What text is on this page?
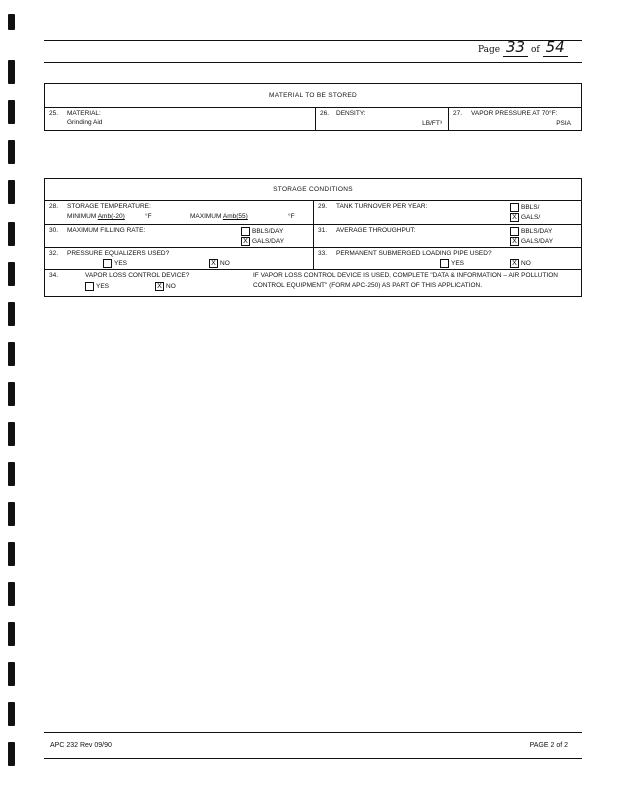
Page 33 of 54
MATERIAL TO BE STORED
25. MATERIAL:
Grinding Aid
26. DENSITY:
LB/FT³
27. VAPOR PRESSURE AT 70°F:
PSIA
STORAGE CONDITIONS
28. STORAGE TEMPERATURE:
MINIMUM Amb(-20)	°F	MAXIMUM Amb(55)	°F
29. TANK TURNOVER PER YEAR:	BBLS/
X GALS/
30. MAXIMUM FILLING RATE:	BBLS/DAY
X GALS/DAY
31. AVERAGE THROUGHPUT:	BBLS/DAY
X GALS/DAY
32. PRESSURE EQUALIZERS USED?
YES	X NO
33. PERMANENT SUBMERGED LOADING PIPE USED?
YES	X NO
34.	VAPOR LOSS CONTROL DEVICE?
YES	X NO
IF VAPOR LOSS CONTROL DEVICE IS USED, COMPLETE "DATA & INFORMATION – AIR POLLUTION
CONTROL EQUIPMENT" (FORM APC-250) AS PART OF THIS APPLICATION.
APC 232 Rev 09/90	PAGE 2 of 2
